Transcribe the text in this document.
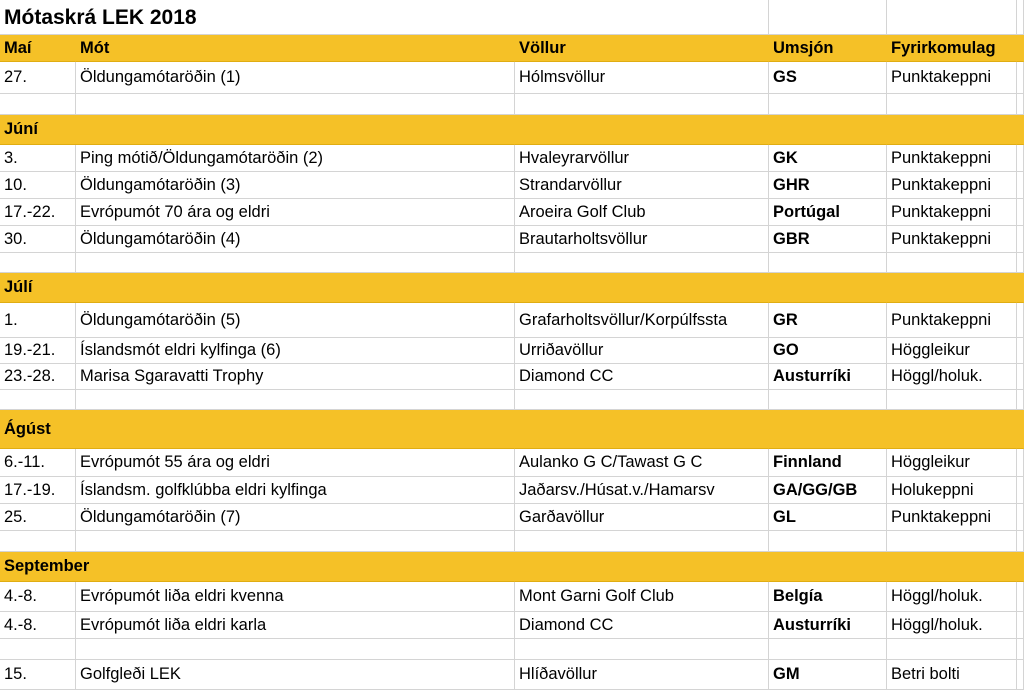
Mótaskrá LEK 2018
Maí	Mót	Völlur	Umsjón	Fyrirkomulag
27.	Öldungamótaröðin (1)	Hólmsvöllur	GS	Punktakeppni
Júní
3.	Ping mótið/Öldungamótaröðin (2)	Hvaleyrarvöllur	GK	Punktakeppni
10.	Öldungamótaröðin (3)	Strandarvöllur	GHR	Punktakeppni
17.-22.	Evrópumót 70 ára og eldri	Aroeira Golf Club	Portúgal	Punktakeppni
30.	Öldungamótaröðin (4)	Brautarholtsvöllur	GBR	Punktakeppni
Júlí
1.	Öldungamótaröðin (5)	Grafarholtsvöllur/Korpúlfssta	GR	Punktakeppni
19.-21.	Íslandsmót eldri kylfinga (6)	Urriðavöllur	GO	Höggleikur
23.-28.	Marisa Sgaravatti Trophy	Diamond CC	Austurríki	Höggl/holuk.
Ágúst
6.-11.	Evrópumót 55 ára og eldri	Aulanko G C/Tawast G C	Finnland	Höggleikur
17.-19.	Íslandsm. golfklúbba eldri kylfinga	Jaðarsv./Húsat.v./Hamarsv	GA/GG/GB	Holukeppni
25.	Öldungamótaröðin (7)	Garðavöllur	GL	Punktakeppni
September
4.-8.	Evrópumót liða eldri kvenna	Mont Garni Golf Club	Belgía	Höggl/holuk.
4.-8.	Evrópumót liða eldri karla	Diamond CC	Austurríki	Höggl/holuk.
15.	Golfgleði LEK	Hlíðavöllur	GM	Betri bolti
